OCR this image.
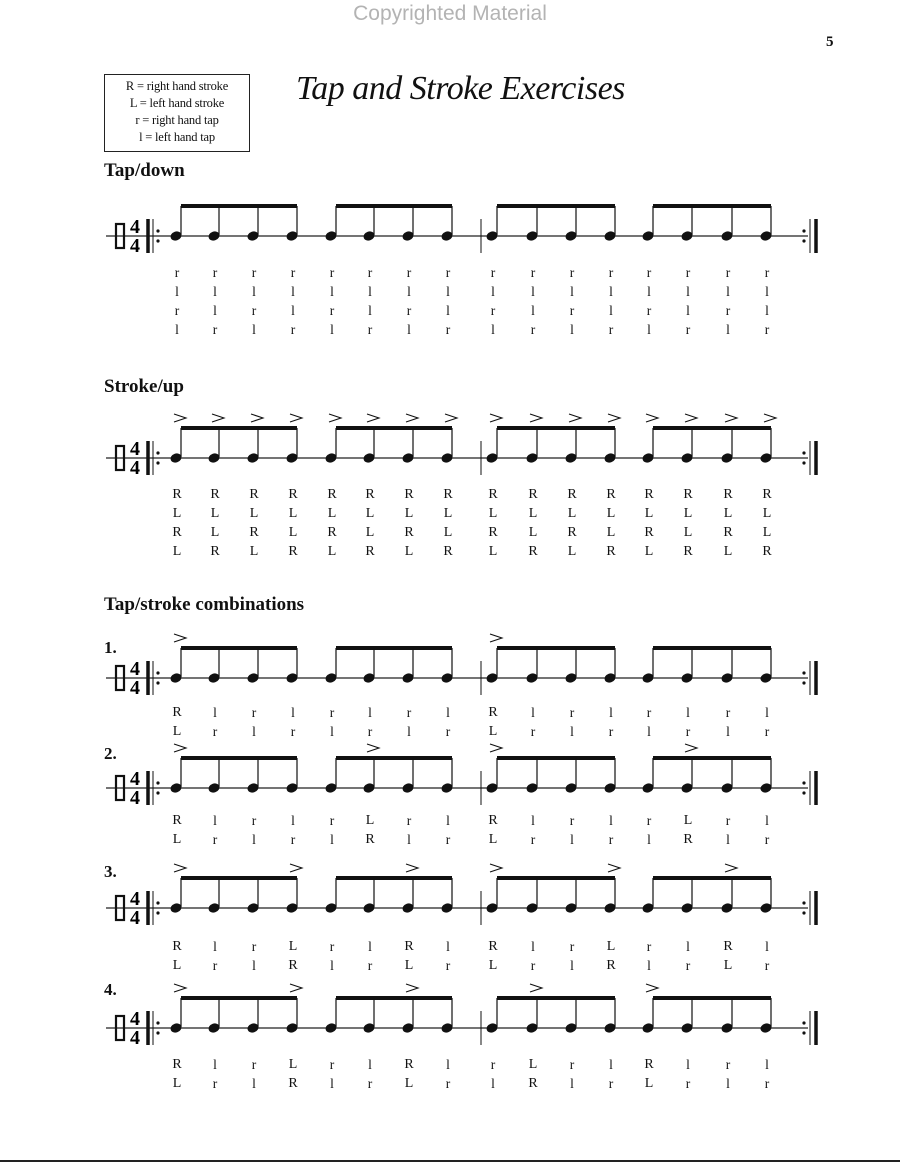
Copyrighted Material
5
R = right hand stroke
L = left hand stroke
r = right hand tap
l = left hand tap
Tap and Stroke Exercises
Tap/down
Stroke/up
Tap/stroke combinations
1.
2.
3.
4.
4
4
4
4
4
4
4
4
4
4
4
4
r r	r	r	r r	r	r	r	r	r	r r	r	r	r
l	l	l	l	l	l	l	l	l	l	l	l	l	l	l	l
r	l	r	l	r	l	r	l	r	l	r	l	r	l	r	l
l	r	l	r	l	r	l	r	l	r	l	r	l	r	l	r
R R R R R R R R	R R R R R R R R
L L L L L L L L	L L L L L L L L
R L R L R L R L	R L R L R L R L
L R L R L R L R	L R L R L R L R
R l	r	l	r	l	r	l	R l	r	l	r	l	r	l
L r	l	r	l	r	l	r	L r	l	r	l	r	l	r
R l	r	l	r L r	l	R l	r	l	r L r	l
L r	l	r	l R l	r	L r	l	r	l R l	r
R l	r L r	l R l	R l	r L r	l R l
L r	l R l	r L r	L r	l R l	r L r
R l	r L r	l R l	r L r	l R l	r	l
L r	l R l	r L r	l R l	r L r	l	r
